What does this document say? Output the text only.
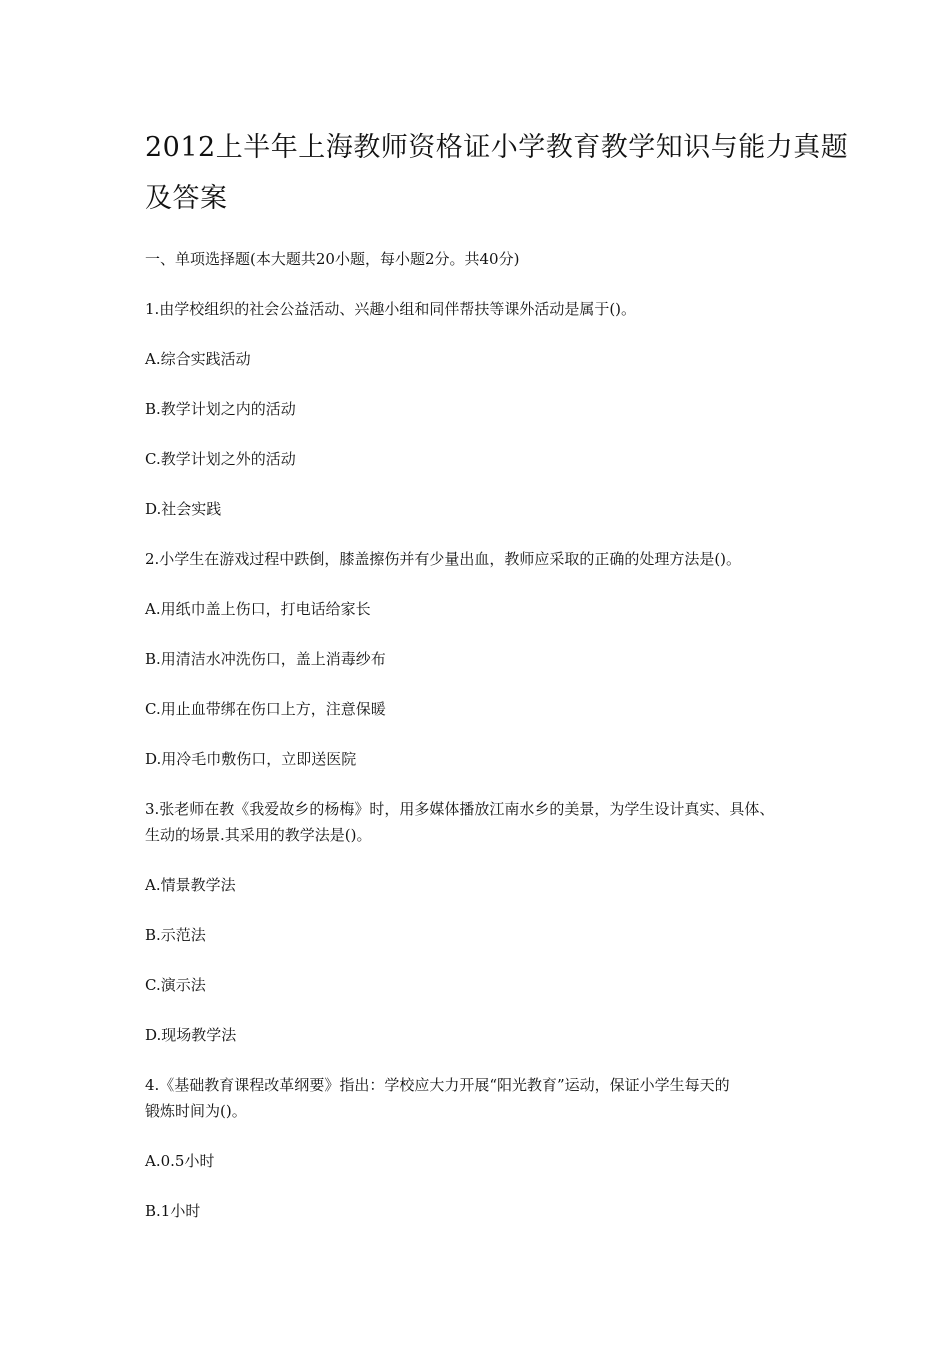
2012上半年上海教师资格证小学教育教学知识与能力真题
及答案
一、单项选择题(本大题共20小题，每小题2分。共40分)
1.由学校组织的社会公益活动、兴趣小组和同伴帮扶等课外活动是属于()。
A.综合实践活动
B.教学计划之内的活动
C.教学计划之外的活动
D.社会实践
2.小学生在游戏过程中跌倒，膝盖擦伤并有少量出血，教师应采取的正确的处理方法是()。
A.用纸巾盖上伤口，打电话给家长
B.用清洁水冲洗伤口，盖上消毒纱布
C.用止血带绑在伤口上方，注意保暖
D.用冷毛巾敷伤口，立即送医院
3.张老师在教《我爱故乡的杨梅》时，用多媒体播放江南水乡的美景，为学生设计真实、具体、
生动的场景.其采用的教学法是()。
A.情景教学法
B.示范法
C.演示法
D.现场教学法
4.《基础教育课程改革纲要》指出：学校应大力开展“阳光教育”运动，保证小学生每天的
锻炼时间为()。
A.0.5小时
B.1小时
